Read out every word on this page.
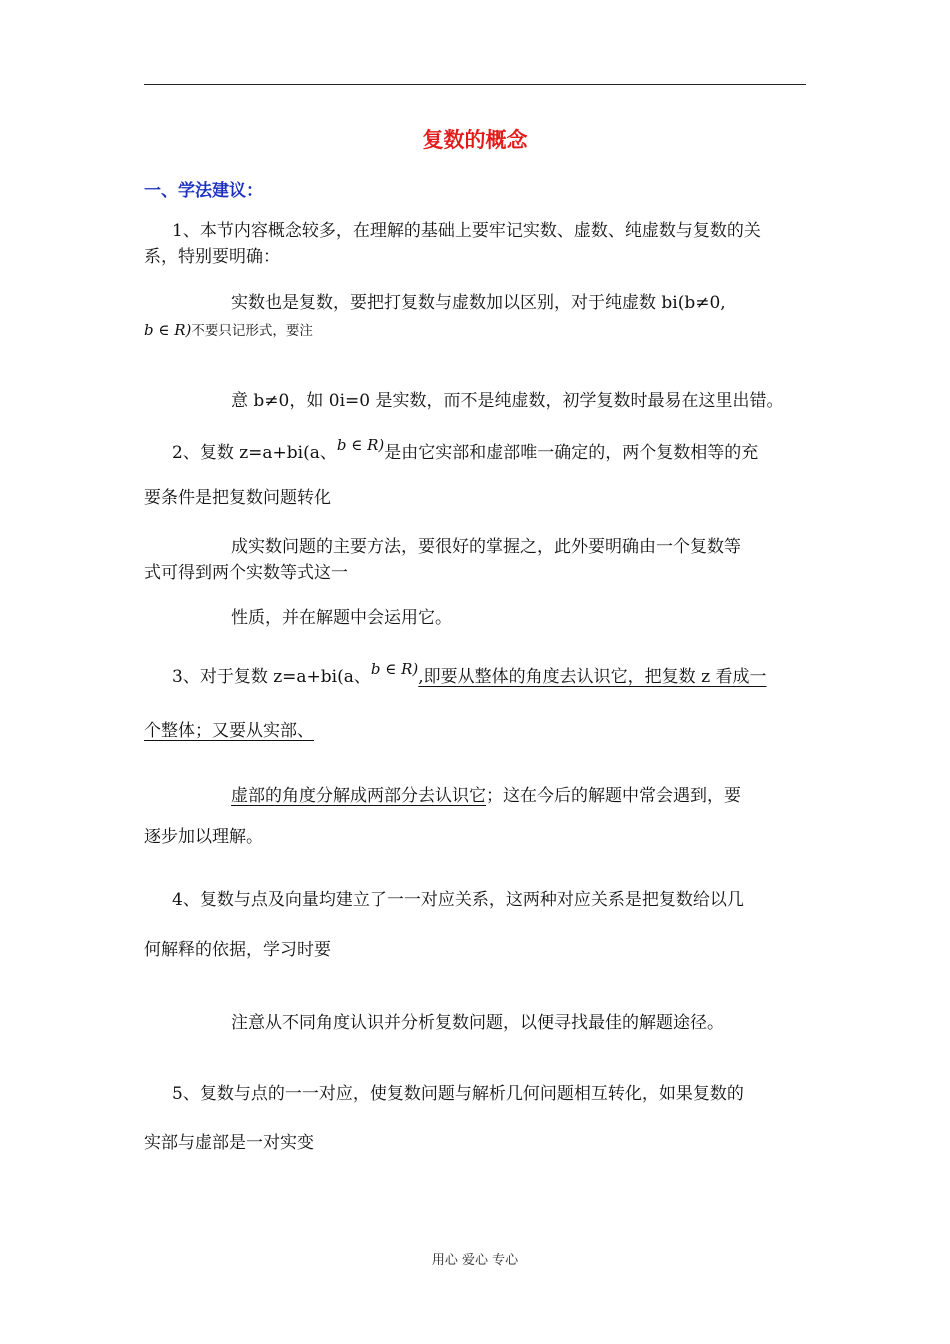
复数的概念
一、学法建议：
1、本节内容概念较多，在理解的基础上要牢记实数、虚数、纯虚数与复数的关
系，特别要明确：
实数也是复数，要把打复数与虚数加以区别，对于纯虚数 bi(b≠0,
b ∈ R)不要只记形式，要注
意 b≠0，如 0i=0 是实数，而不是纯虚数，初学复数时最易在这里出错。
2、复数 z=a+bi(a、b ∈ R)是由它实部和虚部唯一确定的，两个复数相等的充
要条件是把复数问题转化
成实数问题的主要方法，要很好的掌握之，此外要明确由一个复数等
式可得到两个实数等式这一
性质，并在解题中会运用它。
3、对于复数 z=a+bi(a、b ∈ R),即要从整体的角度去认识它，把复数 z 看成一
个整体；又要从实部、
虚部的角度分解成两部分去认识它；这在今后的解题中常会遇到，要
逐步加以理解。
4、复数与点及向量均建立了一一对应关系，这两种对应关系是把复数给以几
何解释的依据，学习时要
注意从不同角度认识并分析复数问题，以便寻找最佳的解题途径。
5、复数与点的一一对应，使复数问题与解析几何问题相互转化，如果复数的
实部与虚部是一对实变
用心 爱心 专心
